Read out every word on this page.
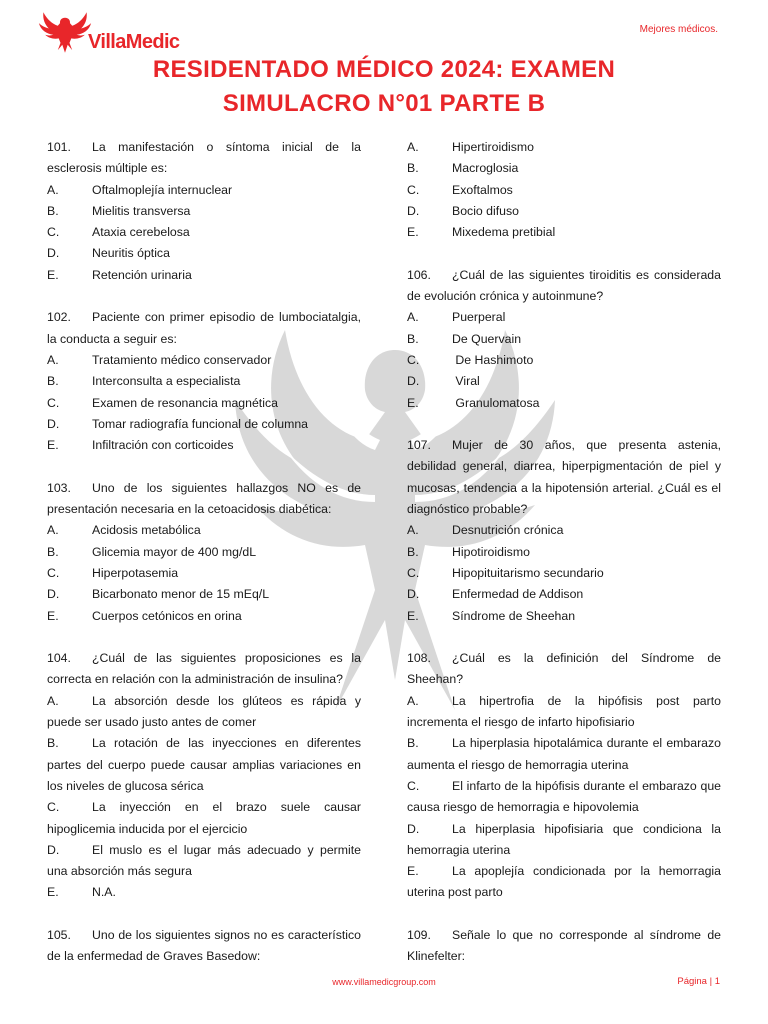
VillaMedic
Mejores médicos.
RESIDENTADO MÉDICO 2024: EXAMEN
SIMULACRO N°01 PARTE B
101. La manifestación o síntoma inicial de la esclerosis múltiple es:
A.	Oftalmoplejía internuclear
B.	Mielitis transversa
C.	Ataxia cerebelosa
D.	Neuritis óptica
E.	Retención urinaria
102. Paciente con primer episodio de lumbociatalgia, la conducta a seguir es:
A.	Tratamiento médico conservador
B.	Interconsulta a especialista
C.	Examen de resonancia magnética
D.	Tomar radiografía funcional de columna
E.	Infiltración con corticoides
103. Uno de los siguientes hallazgos NO es de presentación necesaria en la cetoacidosis diabética:
A.	Acidosis metabólica
B.	Glicemia mayor de 400 mg/dL
C.	Hiperpotasemia
D.	Bicarbonato menor de 15 mEq/L
E.	Cuerpos cetónicos en orina
104. ¿Cuál de las siguientes proposiciones es la correcta en relación con la administración de insulina?
A.	La absorción desde los glúteos es rápida y puede ser usado justo antes de comer
B.	La rotación de las inyecciones en diferentes partes del cuerpo puede causar amplias variaciones en los niveles de glucosa sérica
C.	La inyección en el brazo suele causar hipoglicemia inducida por el ejercicio
D.	El muslo es el lugar más adecuado y permite una absorción más segura
E.	N.A.
105. Uno de los siguientes signos no es característico de la enfermedad de Graves Basedow:
A.	Hipertiroidismo
B.	Macroglosia
C.	Exoftalmos
D.	Bocio difuso
E.	Mixedema pretibial
106. ¿Cuál de las siguientes tiroiditis es considerada de evolución crónica y autoinmune?
A.	Puerperal
B.	De Quervain
C.	De Hashimoto
D.	Viral
E.	Granulomatosa
107. Mujer de 30 años, que presenta astenia, debilidad general, diarrea, hiperpigmentación de piel y mucosas, tendencia a la hipotensión arterial. ¿Cuál es el diagnóstico probable?
A.	Desnutrición crónica
B.	Hipotiroidismo
C.	Hipopituitarismo secundario
D.	Enfermedad de Addison
E.	Síndrome de Sheehan
108. ¿Cuál es la definición del Síndrome de Sheehan?
A.	La hipertrofia de la hipófisis post parto incrementa el riesgo de infarto hipofisiario
B.	La hiperplasia hipotalámica durante el embarazo aumenta el riesgo de hemorragia uterina
C.	El infarto de la hipófisis durante el embarazo que causa riesgo de hemorragia e hipovolemia
D.	La hiperplasia hipofisiaria que condiciona la hemorragia uterina
E.	La apoplejía condicionada por la hemorragia uterina post parto
109. Señale lo que no corresponde al síndrome de Klinefelter:
www.villamedicgroup.com	Página | 1
